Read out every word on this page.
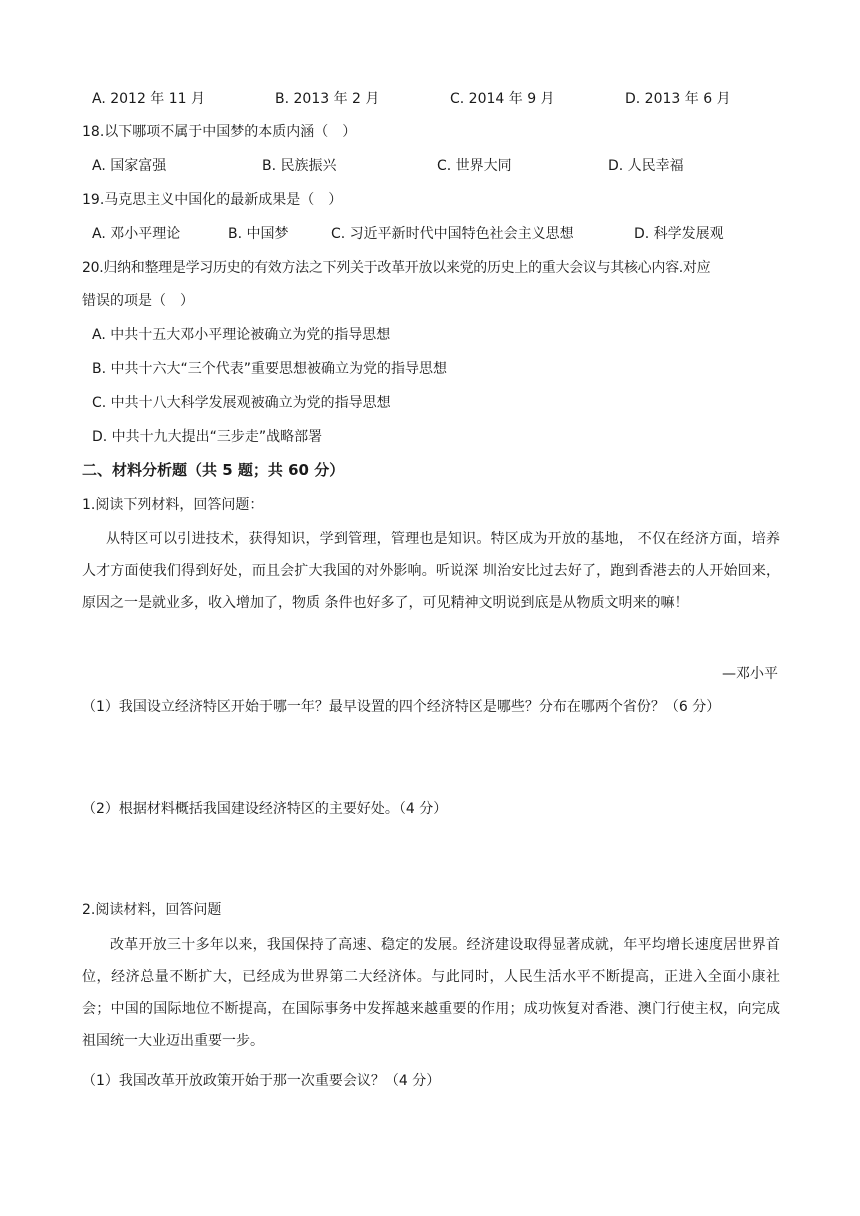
A. 2012 年 11 月	B. 2013 年 2 月	C. 2014 年 9 月	D. 2013 年 6 月
18.以下哪项不属于中国梦的本质内涵（　）
A. 国家富强	B. 民族振兴	C. 世界大同	D. 人民幸福
19.马克思主义中国化的最新成果是（　）
A. 邓小平理论	B. 中国梦	C. 习近平新时代中国特色社会主义思想	D. 科学发展观
20.归纳和整理是学习历史的有效方法之下列关于改革开放以来党的历史上的重大会议与其核心内容.对应
错误的项是（　）
A. 中共十五大邓小平理论被确立为党的指导思想
B. 中共十六大“三个代表”重要思想被确立为党的指导思想
C. 中共十八大科学发展观被确立为党的指导思想
D. 中共十九大提出“三步走”战略部署
二、材料分析题（共 5 题；共 60 分）
1.阅读下列材料，回答问题：
从特区可以引进技术，获得知识，学到管理，管理也是知识。特区成为开放的基地， 不仅在经济方面，培养人才方面使我们得到好处，而且会扩大我国的对外影响。听说深 圳治安比过去好了，跑到香港去的人开始回来，原因之一是就业多，收入增加了，物质 条件也好多了，可见精神文明说到底是从物质文明来的嘛！
—邓小平
（1）我国设立经济特区开始于哪一年？最早设置的四个经济特区是哪些？分布在哪两个省份？（6 分）
（2）根据材料概括我国建设经济特区的主要好处。（4 分）
2.阅读材料，回答问题
改革开放三十多年以来，我国保持了高速、稳定的发展。经济建设取得显著成就，年平均增长速度居世界首位，经济总量不断扩大，已经成为世界第二大经济体。与此同时，人民生活水平不断提高，正进入全面小康社会；中国的国际地位不断提高，在国际事务中发挥越来越重要的作用；成功恢复对香港、澳门行使主权，向完成祖国统一大业迈出重要一步。
（1）我国改革开放政策开始于那一次重要会议？（4 分）
